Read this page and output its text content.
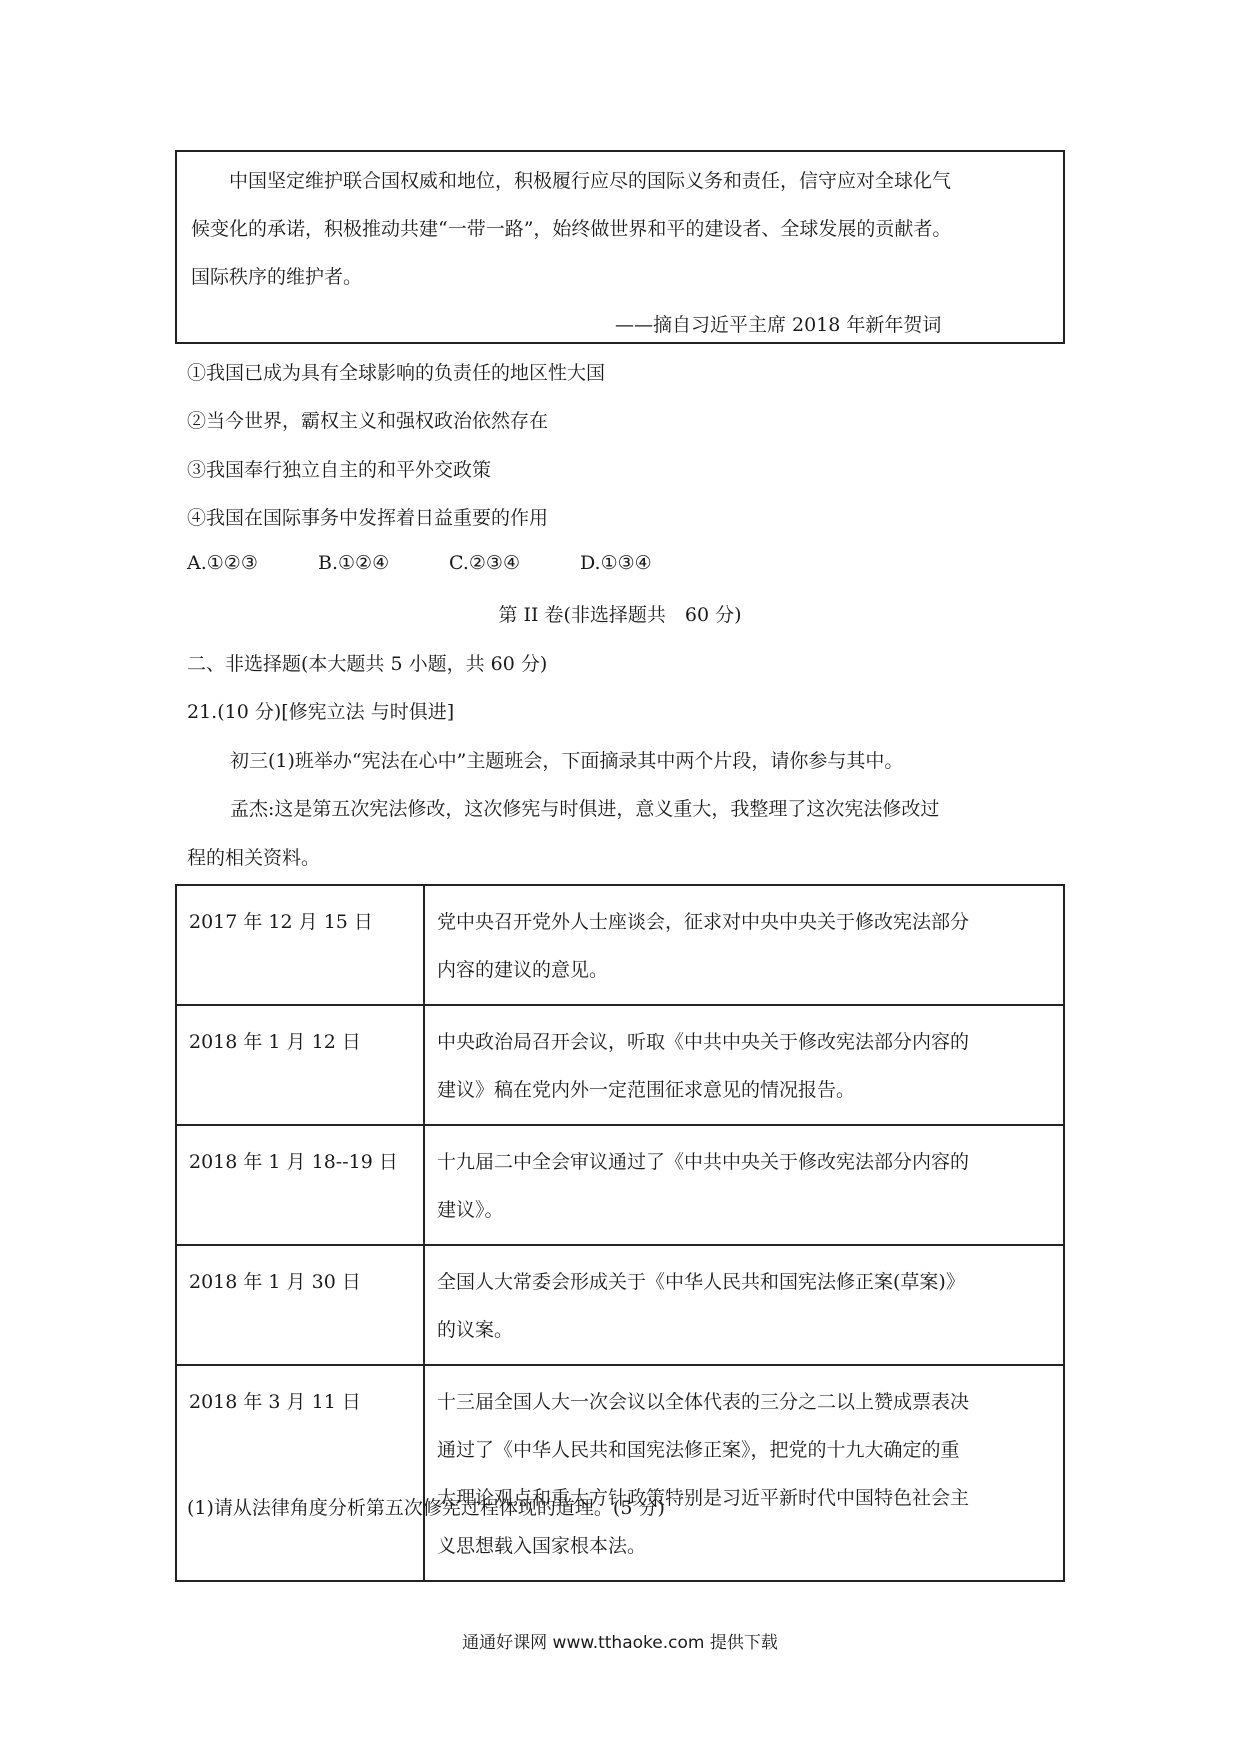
中国坚定维护联合国权威和地位，积极履行应尽的国际义务和责任，信守应对全球化气
候变化的承诺，积极推动共建“一带一路”，始终做世界和平的建设者、全球发展的贡献者。
国际秩序的维护者。
——摘自习近平主席 2018 年新年贺词
①我国已成为具有全球影响的负责任的地区性大国
②当今世界，霸权主义和强权政治依然存在
③我国奉行独立自主的和平外交政策
④我国在国际事务中发挥着日益重要的作用
A.①②③	B.①②④	C.②③④	D.①③④
第 II 卷(非选择题共　60 分)
二、非选择题(本大题共 5 小题，共 60 分)
21.(10 分)[修宪立法 与时俱进]
初三(1)班举办“宪法在心中”主题班会，下面摘录其中两个片段，请你参与其中。
孟杰:这是第五次宪法修改，这次修宪与时俱进，意义重大，我整理了这次宪法修改过
程的相关资料。
2017 年 12 月 15 日	党中央召开党外人士座谈会，征求对中央中央关于修改宪法部分
内容的建议的意见。

2018 年 1 月 12 日	中央政治局召开会议，听取《中共中央关于修改宪法部分内容的
建议》稿在党内外一定范围征求意见的情况报告。

2018 年 1 月 18--19 日	十九届二中全会审议通过了《中共中央关于修改宪法部分内容的
建议》。

2018 年 1 月 30 日	全国人大常委会形成关于《中华人民共和国宪法修正案(草案)》
的议案。

2018 年 3 月 11 日	十三届全国人大一次会议以全体代表的三分之二以上赞成票表决
通过了《中华人民共和国宪法修正案》，把党的十九大确定的重
大理论观点和重大方针政策特别是习近平新时代中国特色社会主
义思想载入国家根本法。
(1)请从法律角度分析第五次修宪过程体现的道理。(5 分)
通通好课网 www.tthaoke.com 提供下载
